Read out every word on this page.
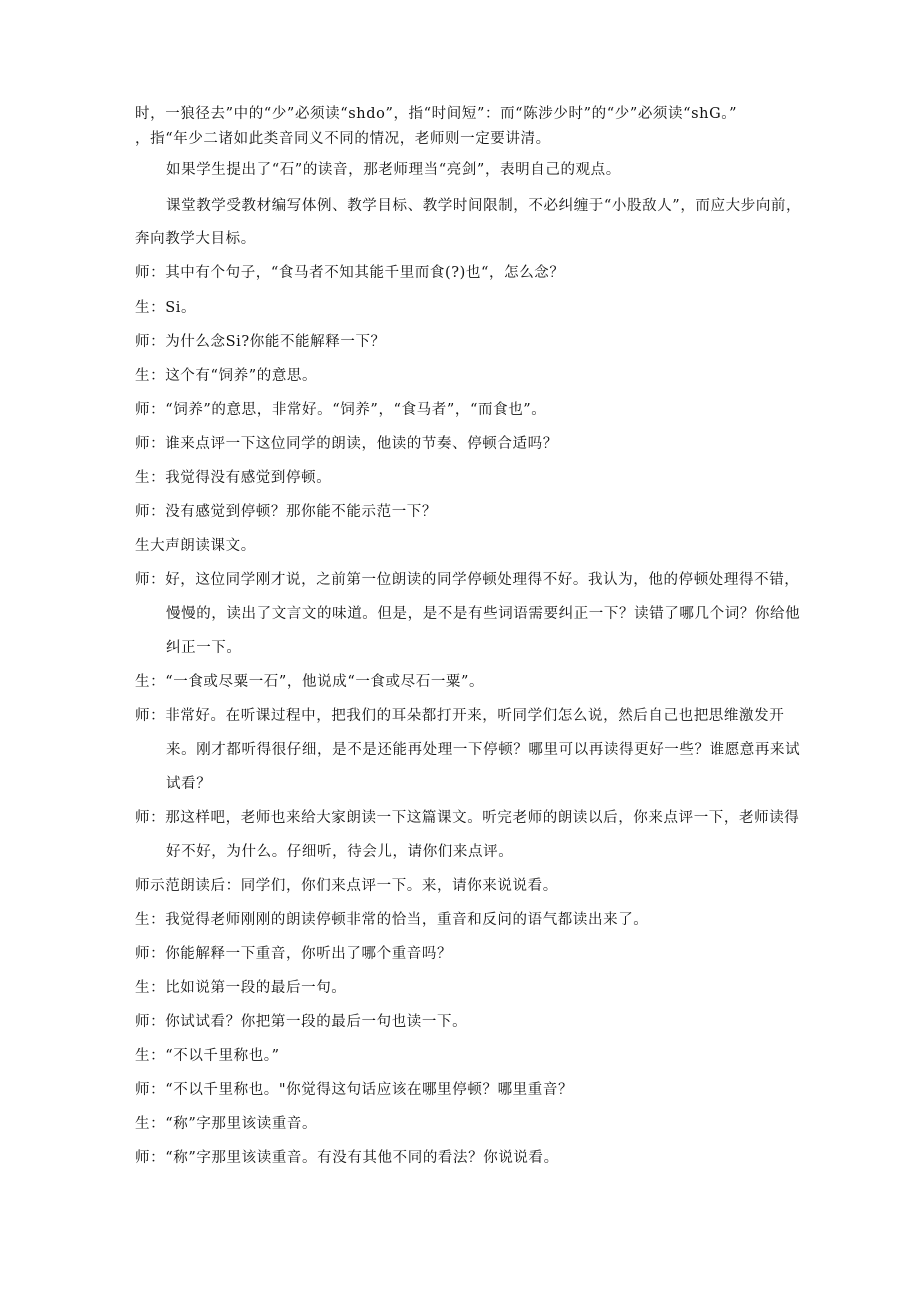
时，一狼径去”中的“少”必须读“shdo”，指“时间短”：而“陈涉少时”的“少”必须读“shG。”
，指“年少二诸如此类音同义不同的情况，老师则一定要讲清。
如果学生提出了“石”的读音，那老师理当“亮剑”，表明自己的观点。
课堂教学受教材编写体例、教学目标、教学时间限制，不必纠缠于“小股敌人”，而应大步向前，
奔向教学大目标。
师：其中有个句子，“食马者不知其能千里而食(?)也“，怎么念？
生：Si。
师：为什么念Si?你能不能解释一下？
生：这个有“饲养”的意思。
师：“饲养”的意思，非常好。“饲养”，“食马者”，“而食也”。
师：谁来点评一下这位同学的朗读，他读的节奏、停顿合适吗？
生：我觉得没有感觉到停顿。
师：没有感觉到停顿？那你能不能示范一下？
生大声朗读课文。
师：好，这位同学刚才说，之前第一位朗读的同学停顿处理得不好。我认为，他的停顿处理得不错，
慢慢的，读出了文言文的味道。但是，是不是有些词语需要纠正一下？读错了哪几个词？你给他
纠正一下。
生：“一食或尽粟一石”，他说成“一食或尽石一粟”。
师：非常好。在听课过程中，把我们的耳朵都打开来，听同学们怎么说，然后自己也把思维激发开
来。刚才都听得很仔细，是不是还能再处理一下停顿？哪里可以再读得更好一些？谁愿意再来试
试看？
师：那这样吧，老师也来给大家朗读一下这篇课文。听完老师的朗读以后，你来点评一下，老师读得
好不好，为什么。仔细听，待会儿，请你们来点评。
师示范朗读后：同学们，你们来点评一下。来，请你来说说看。
生：我觉得老师刚刚的朗读停顿非常的恰当，重音和反问的语气都读出来了。
师：你能解释一下重音，你听出了哪个重音吗？
生：比如说第一段的最后一句。
师：你试试看？你把第一段的最后一句也读一下。
生：“不以千里称也。”
师：“不以千里称也。"你觉得这句话应该在哪里停顿？哪里重音？
生：“称”字那里该读重音。
师：“称”字那里该读重音。有没有其他不同的看法？你说说看。
